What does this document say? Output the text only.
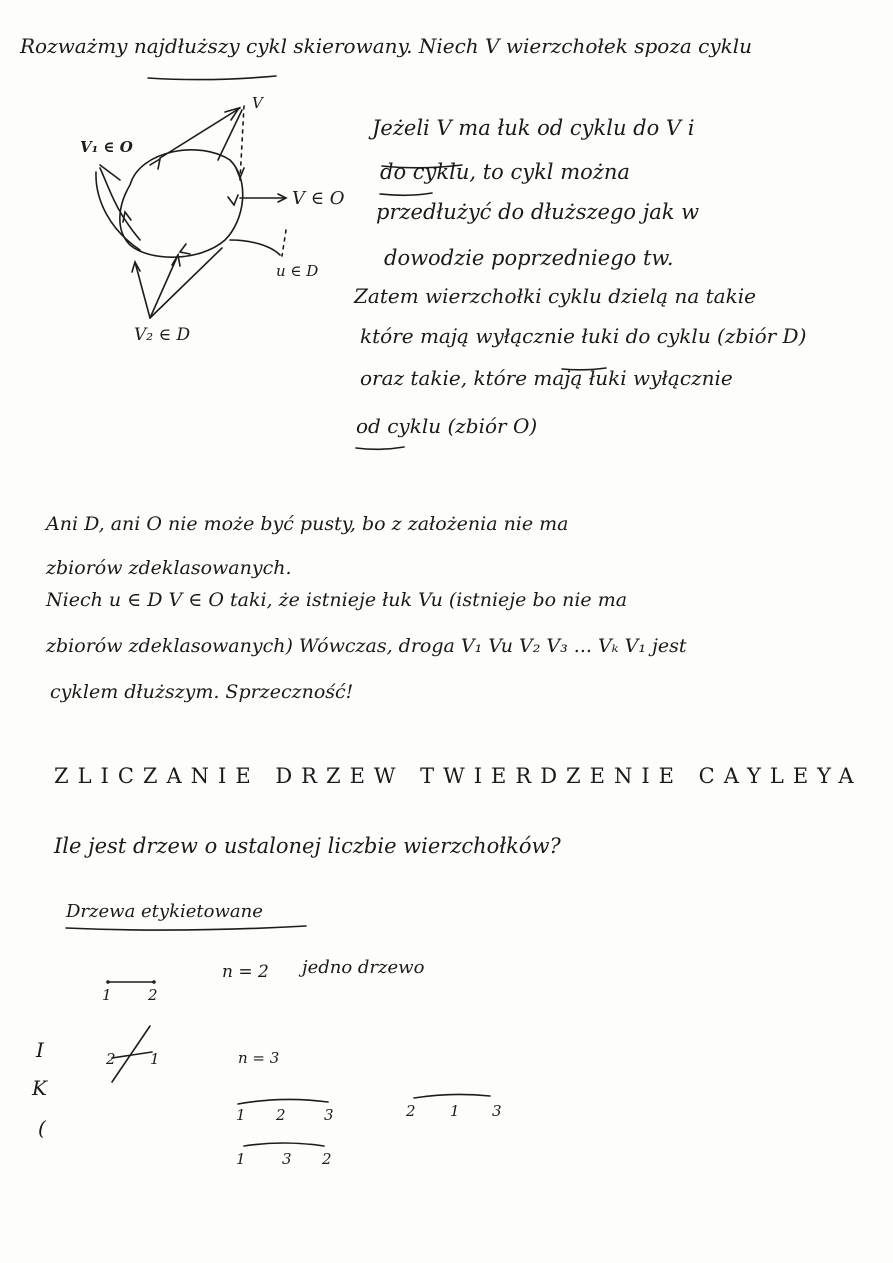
Rozważmy najdłuższy cykl skierowany. Niech V wierzchołek spoza cyklu
V
V₁ ∈ O
V ∈ O
u ∈ D
V₂ ∈ D
Jeżeli V ma łuk od cyklu do V i
do cyklu, to cykl można
przedłużyć do dłuższego jak w
dowodzie poprzedniego tw.
Zatem wierzchołki cyklu dzielą na takie
które mają wyłącznie łuki do cyklu (zbiór D)
oraz takie, które mają łuki wyłącznie
od cyklu (zbiór O)
Ani D, ani O nie może być pusty, bo z założenia nie ma
zbiorów zdeklasowanych.
Niech u ∈ D V ∈ O taki, że istnieje łuk Vu (istnieje bo nie ma
zbiorów zdeklasowanych) Wówczas, droga V₁ Vu V₂ V₃ ... Vₖ V₁ jest
cyklem dłuższym. Sprzeczność!
ZLICZANIE DRZEW TWIERDZENIE CAYLEYA
Ile jest drzew o ustalonej liczbie wierzchołków?
Drzewa etykietowane
1 2
2 1
n = 2 jedno drzewo
n = 3
1 2	3	2 1 3
1 3 2
I
K
(
